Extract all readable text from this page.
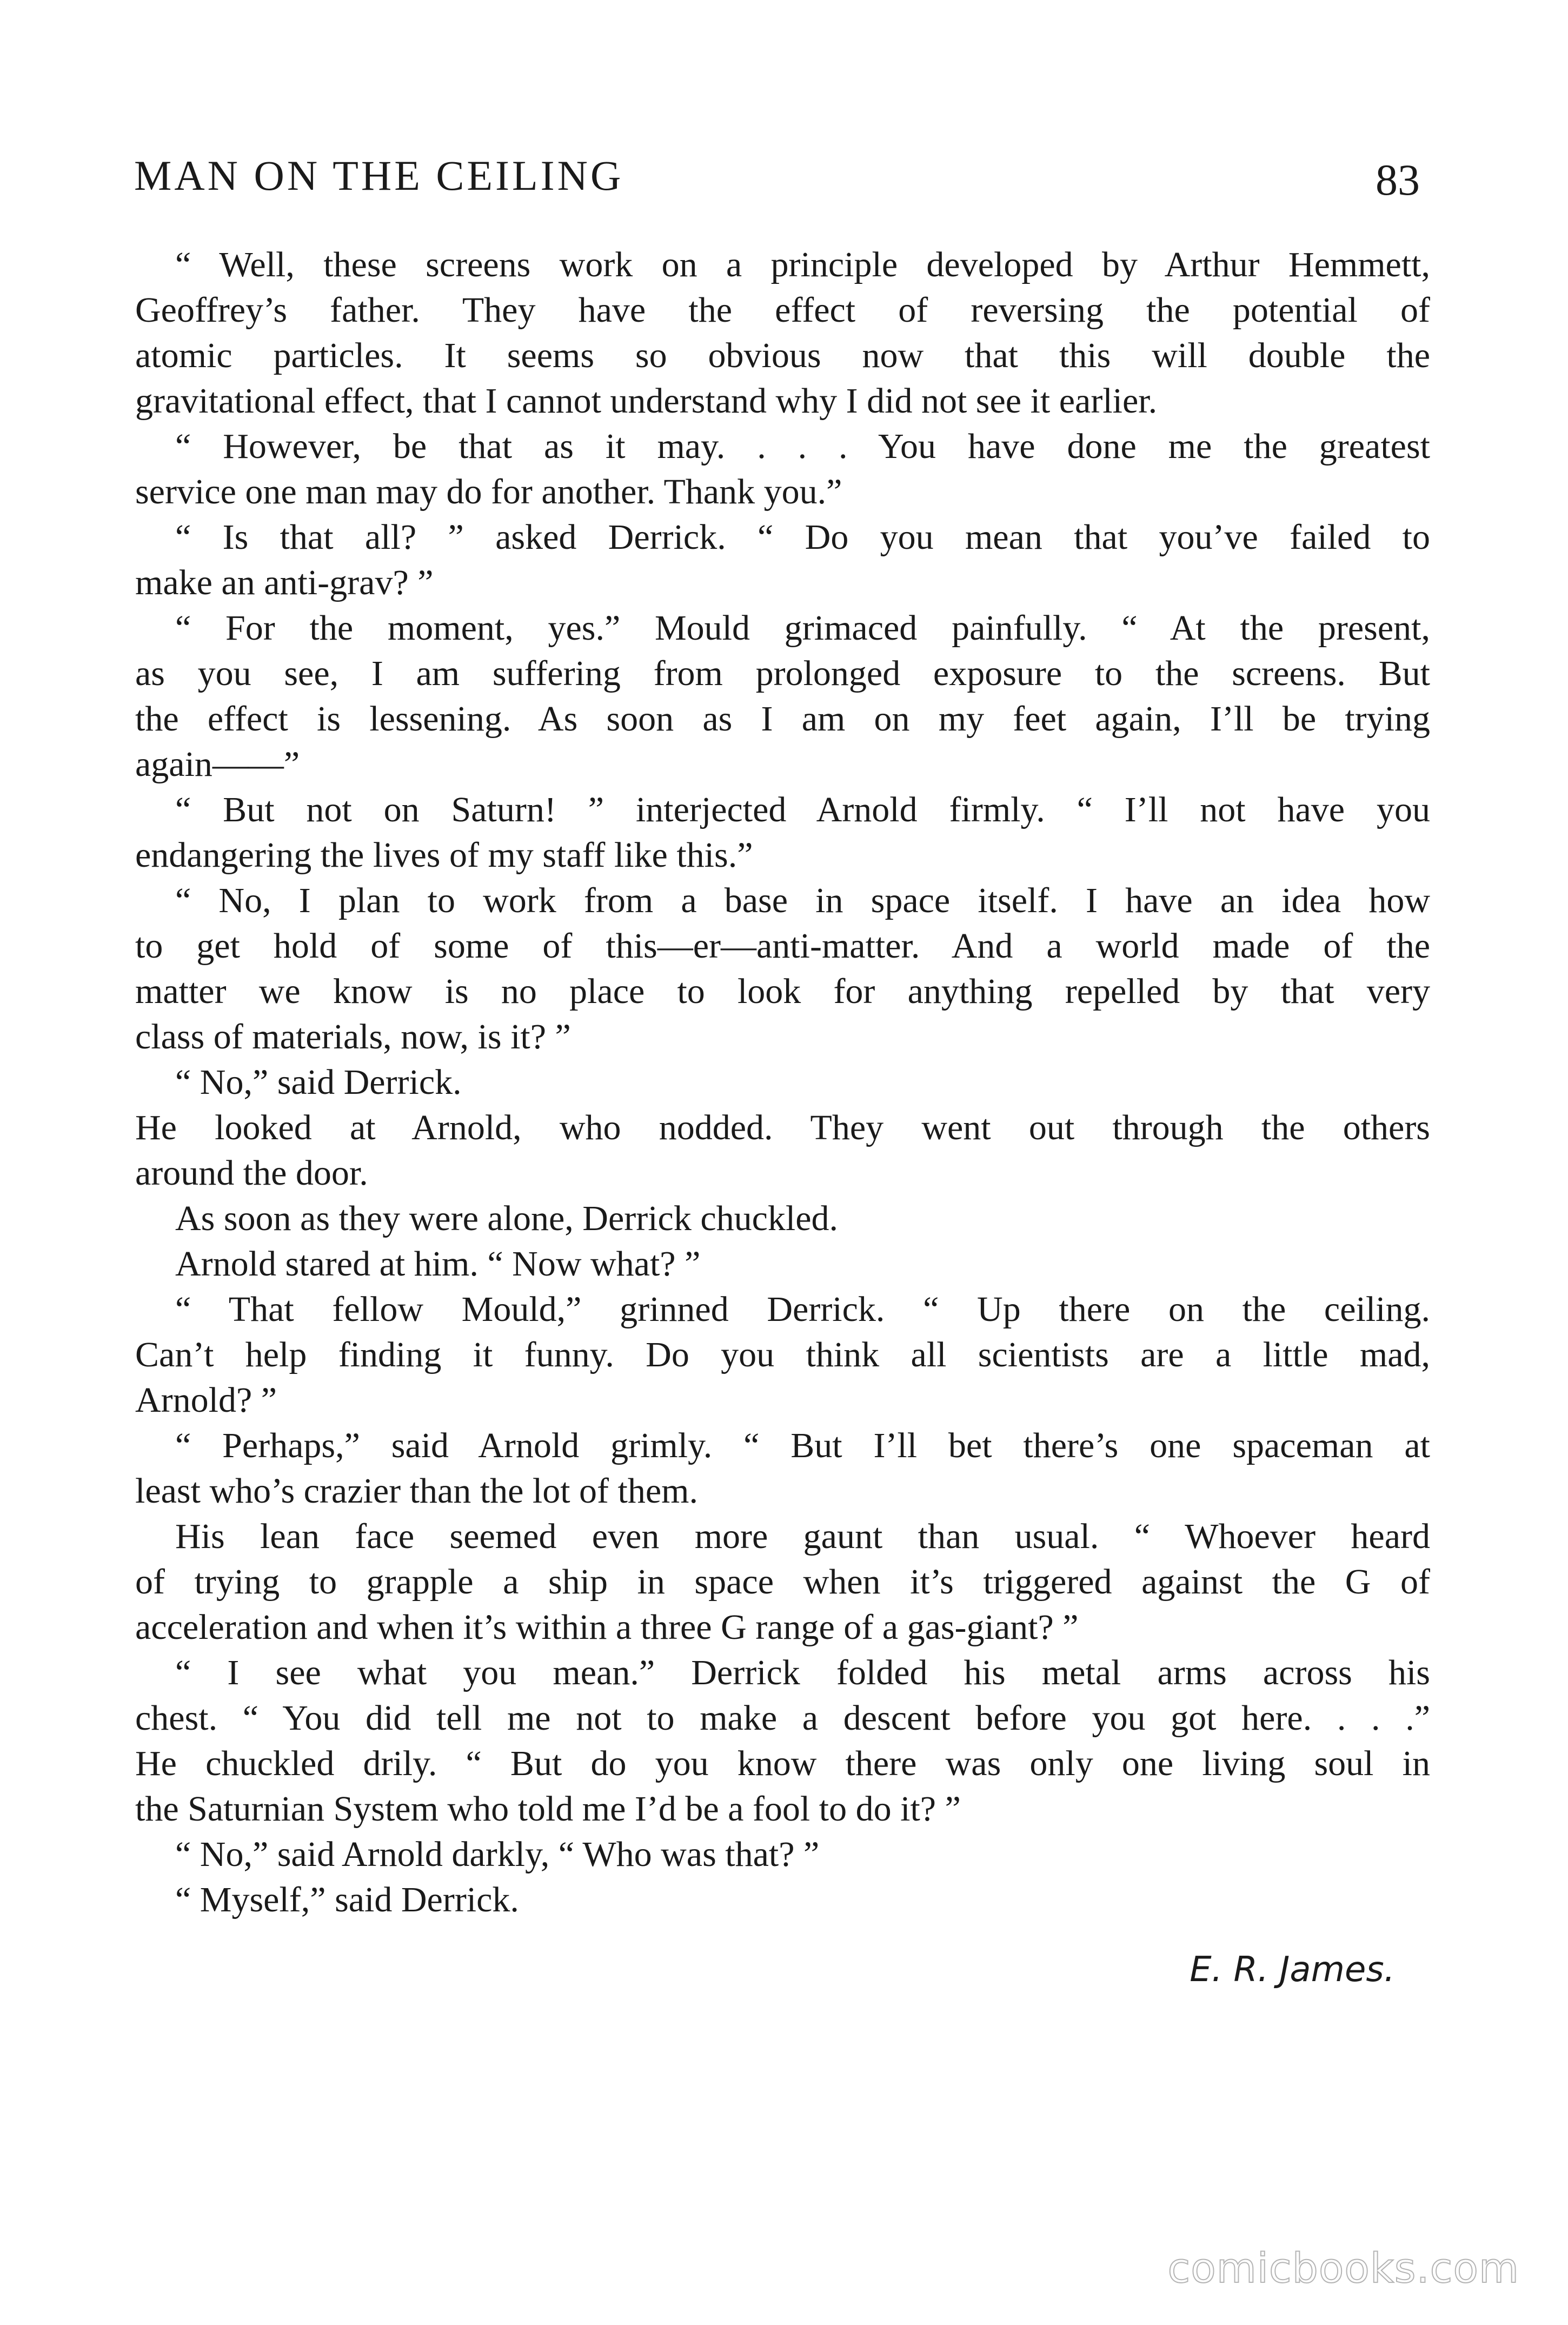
MAN ON THE CEILING	83
“ Well, these screens work on a principle developed by Arthur Hemmett,
Geoffrey’s father. They have the effect of reversing the potential of
atomic particles. It seems so obvious now that this will double the
gravitational effect, that I cannot understand why I did not see it earlier.
“ However, be that as it may. . . . You have done me the greatest
service one man may do for another. Thank you.”
“ Is that all? ” asked Derrick. “ Do you mean that you’ve failed to
make an anti-grav? ”
“ For the moment, yes.” Mould grimaced painfully. “ At the present,
as you see, I am suffering from prolonged exposure to the screens. But
the effect is lessening. As soon as I am on my feet again, I’ll be trying
again——”
“ But not on Saturn! ” interjected Arnold firmly. “ I’ll not have you
endangering the lives of my staff like this.”
“ No, I plan to work from a base in space itself. I have an idea how
to get hold of some of this—er—anti-matter. And a world made of the
matter we know is no place to look for anything repelled by that very
class of materials, now, is it? ”
“ No,” said Derrick.
He looked at Arnold, who nodded. They went out through the others
around the door.
As soon as they were alone, Derrick chuckled.
Arnold stared at him. “ Now what? ”
“ That fellow Mould,” grinned Derrick. “ Up there on the ceiling.
Can’t help finding it funny. Do you think all scientists are a little mad,
Arnold? ”
“ Perhaps,” said Arnold grimly. “ But I’ll bet there’s one spaceman at
least who’s crazier than the lot of them.
His lean face seemed even more gaunt than usual. “ Whoever heard
of trying to grapple a ship in space when it’s triggered against the G of
acceleration and when it’s within a three G range of a gas-giant? ”
“ I see what you mean.” Derrick folded his metal arms across his
chest. “ You did tell me not to make a descent before you got here. . . .”
He chuckled drily. “ But do you know there was only one living soul in
the Saturnian System who told me I’d be a fool to do it? ”
“ No,” said Arnold darkly, “ Who was that? ”
“ Myself,” said Derrick.
E. R. James.
comicbooks.com
